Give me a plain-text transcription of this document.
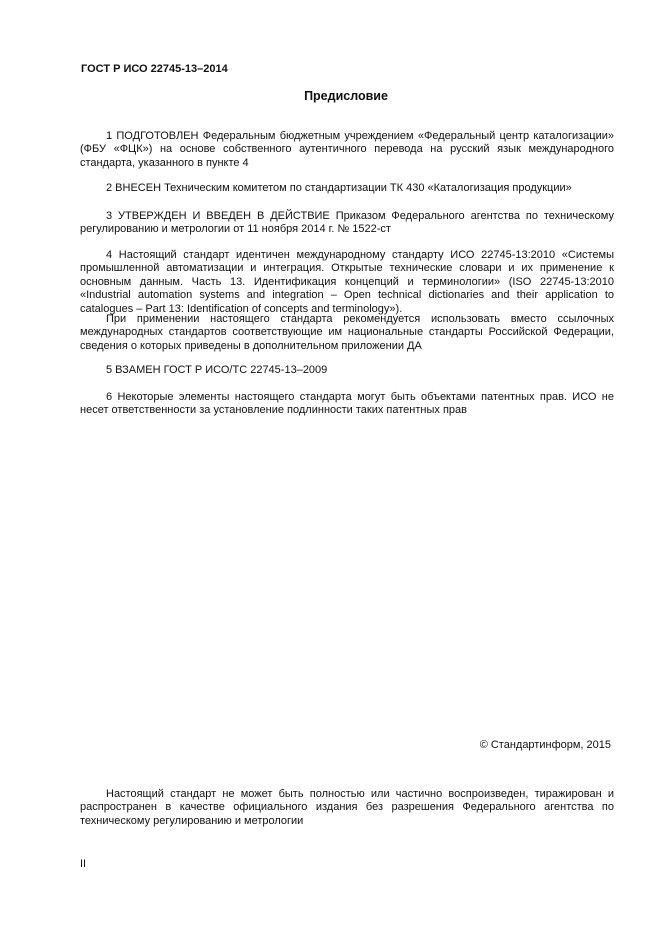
ГОСТ Р ИСО 22745-13–2014
Предисловие
1 ПОДГОТОВЛЕН Федеральным бюджетным учреждением «Федеральный центр каталогизации» (ФБУ «ФЦК») на основе собственного аутентичного перевода на русский язык международного стандарта, указанного в пункте 4
2 ВНЕСЕН Техническим комитетом по стандартизации ТК 430 «Каталогизация продукции»
3 УТВЕРЖДЕН И ВВЕДЕН В ДЕЙСТВИЕ Приказом Федерального агентства по техническому регулированию и метрологии от 11 ноября 2014 г. № 1522-ст
4 Настоящий стандарт идентичен международному стандарту ИСО 22745-13:2010 «Системы промышленной автоматизации и интеграция. Открытые технические словари и их применение к основным данным. Часть 13. Идентификация концепций и терминологии» (ISO 22745-13:2010 «Industrial automation systems and integration – Open technical dictionaries and their application to catalogues – Part 13: Identification of concepts and terminology»).
При применении настоящего стандарта рекомендуется использовать вместо ссылочных международных стандартов соответствующие им национальные стандарты Российской Федерации, сведения о которых приведены в дополнительном приложении ДА
5 ВЗАМЕН ГОСТ Р ИСО/ТС 22745-13–2009
6 Некоторые элементы настоящего стандарта могут быть объектами патентных прав. ИСО не несет ответственности за установление подлинности таких патентных прав
© Стандартинформ, 2015
Настоящий стандарт не может быть полностью или частично воспроизведен, тиражирован и распространен в качестве официального издания без разрешения Федерального агентства по техническому регулированию и метрологии
II
